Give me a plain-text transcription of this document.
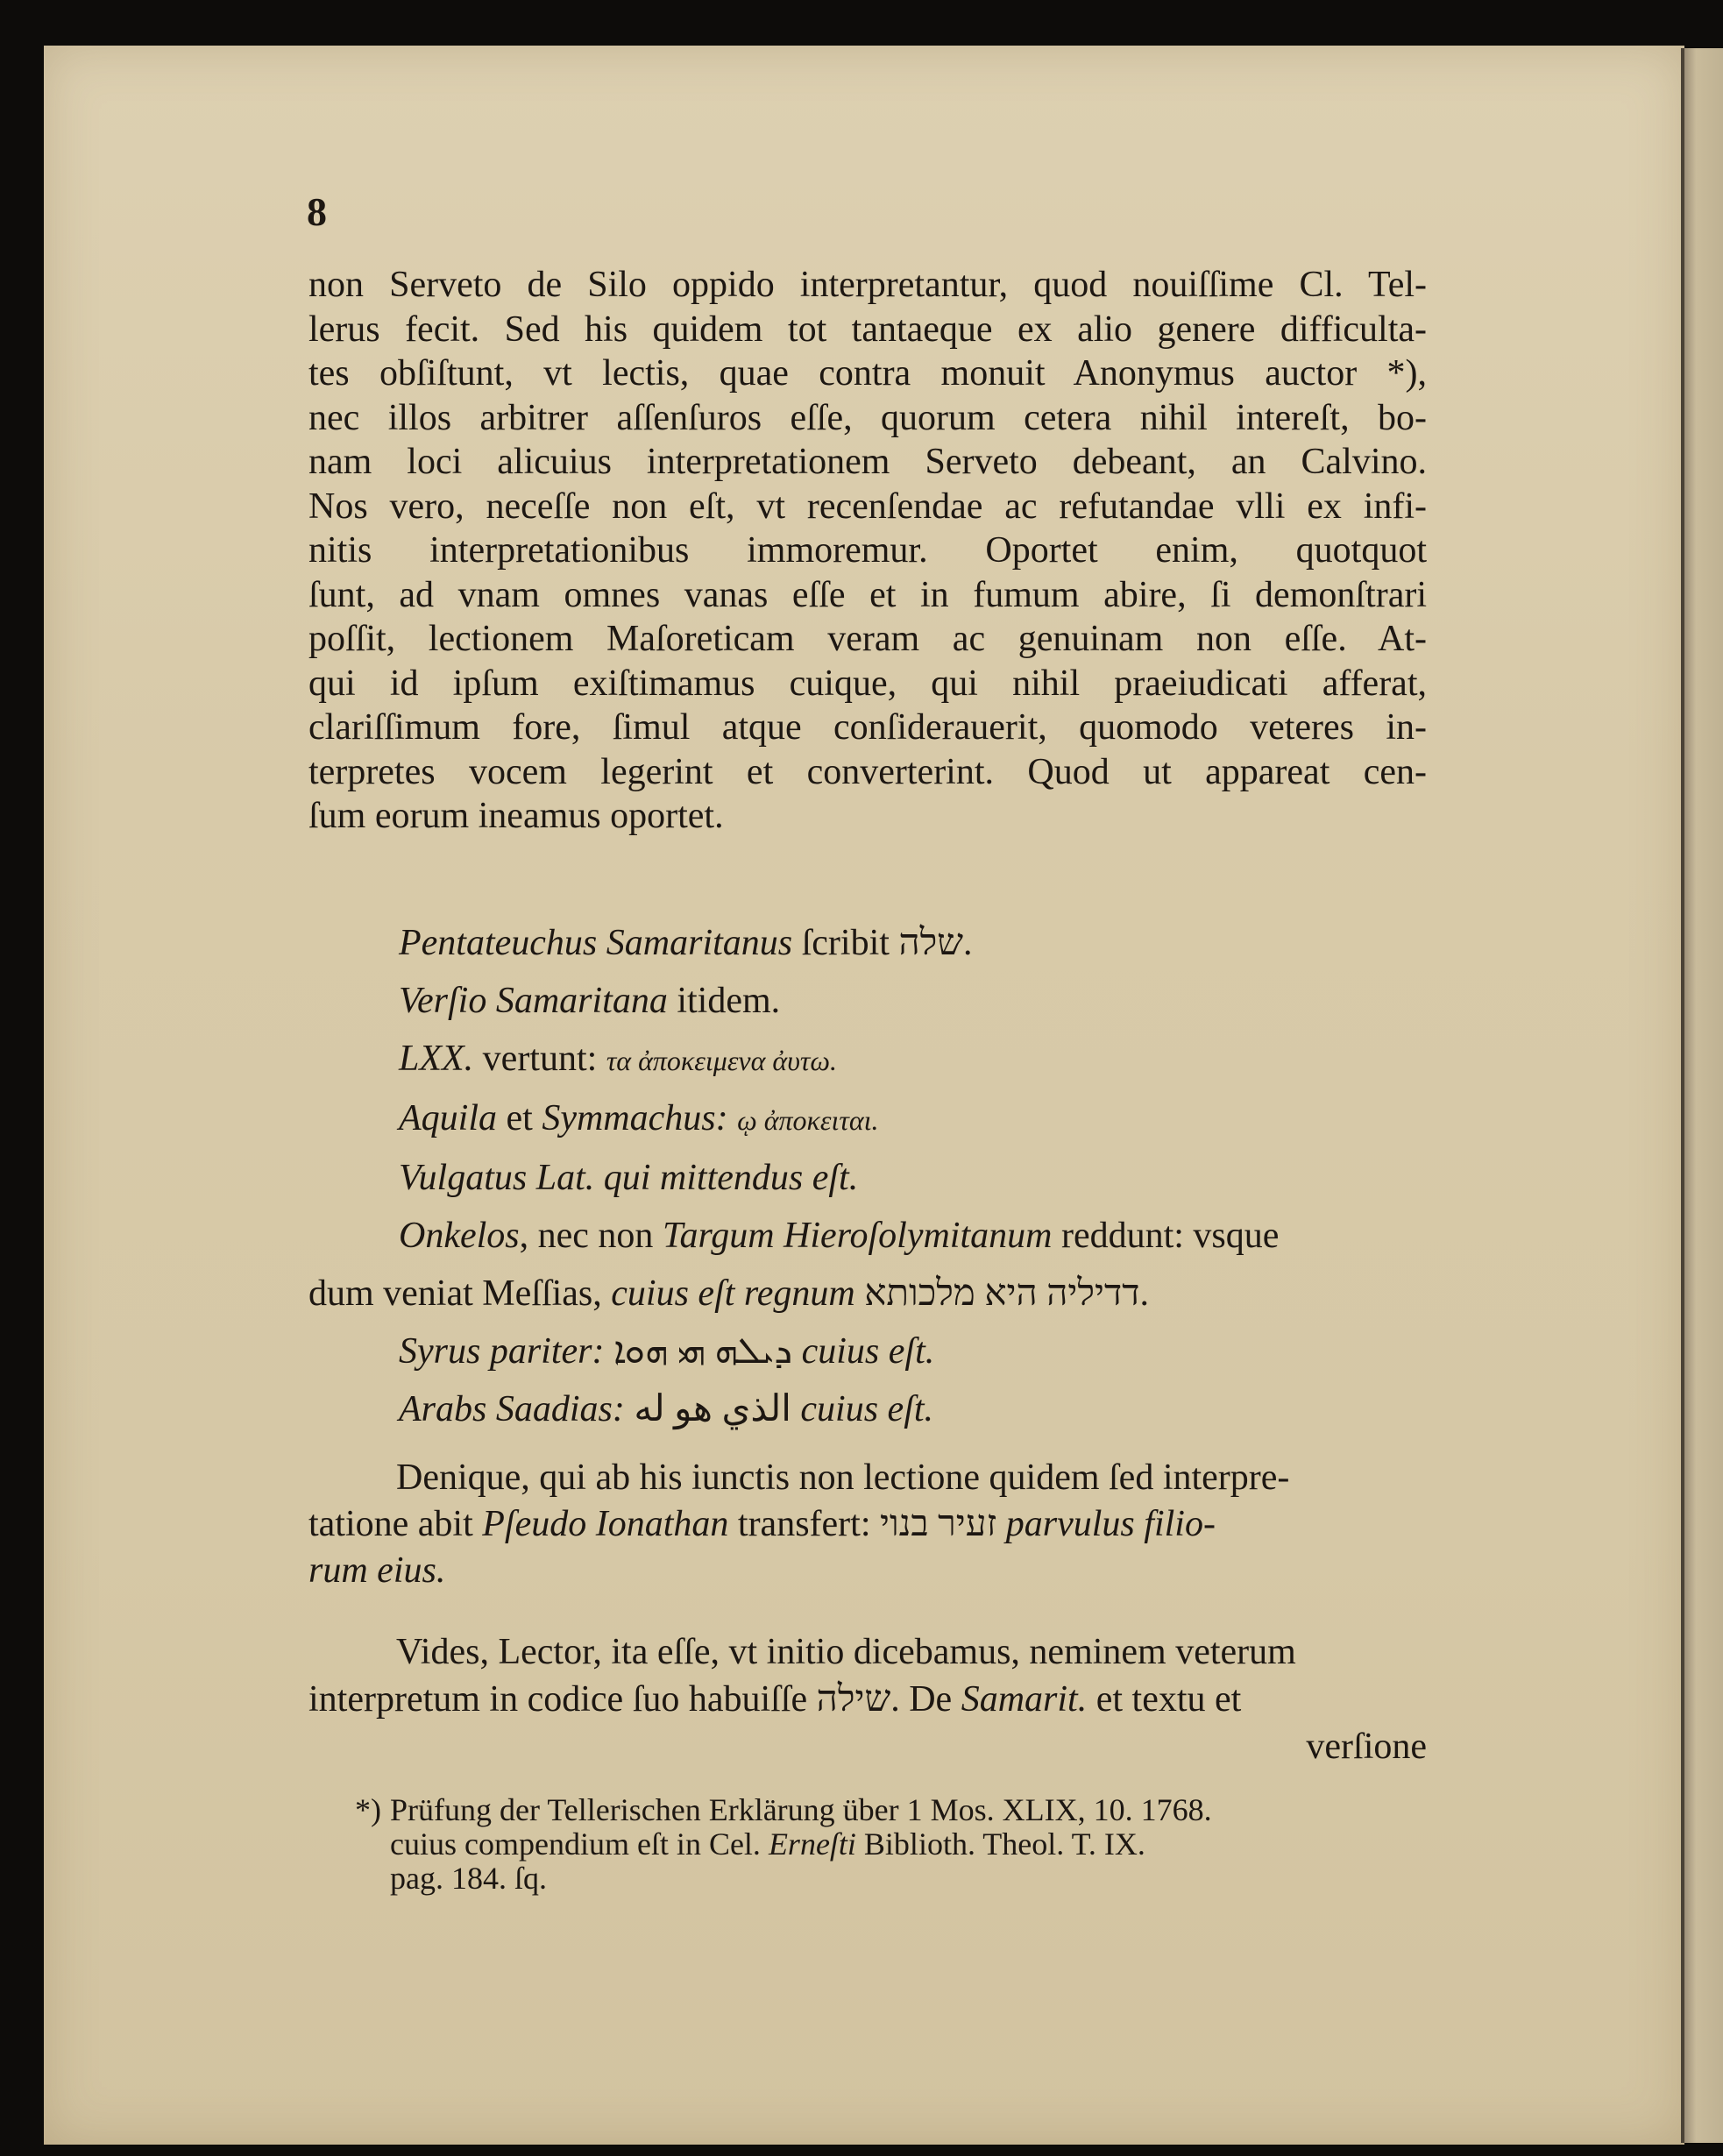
8
non Serveto de Silo oppido interpretantur, quod nouiſſime Cl. Tel-
lerus fecit. Sed his quidem tot tantaeque ex alio genere difficulta-
tes obſiſtunt, vt lectis, quae contra monuit Anonymus auctor *),
nec illos arbitrer aſſenſuros eſſe, quorum cetera nihil intereſt, bo-
nam loci alicuius interpretationem Serveto debeant, an Calvino.
Nos vero, neceſſe non eſt, vt recenſendae ac refutandae vlli ex infi-
nitis interpretationibus immoremur. Oportet enim, quotquot
ſunt, ad vnam omnes vanas eſſe et in fumum abire, ſi demonſtrari
poſſit, lectionem Maſoreticam veram ac genuinam non eſſe. At-
qui id ipſum exiſtimamus cuique, qui nihil praeiudicati afferat,
clariſſimum fore, ſimul atque conſiderauerit, quomodo veteres in-
terpretes vocem legerint et converterint. Quod ut appareat cen-
ſum eorum ineamus oportet.
Pentateuchus Samaritanus ſcribit שלה.
Verſio Samaritana itidem.
LXX. vertunt: τα ἀποκειμενα ἀυτω.
Aquila et Symmachus: ῳ ἀποκειται.
Vulgatus Lat. qui mittendus eſt.
Onkelos, nec non Targum Hieroſolymitanum reddunt: vsque
dum veniat Meſſias, cuius eſt regnum דדיליה היא מלכותא.
Syrus pariter: ܕܝܠܗ ܗܝ ܗܘܐ cuius eſt.
Arabs Saadias: الذي هو له cuius eſt.
Denique, qui ab his iunctis non lectione quidem ſed interpre-
tatione abit Pſeudo Ionathan transfert: זעיר בנוי parvulus filio-
rum eius.
Vides, Lector, ita eſſe, vt initio dicebamus, neminem veterum
interpretum in codice ſuo habuiſſe שילה. De Samarit. et textu et
verſione
*) Prüfung der Tellerischen Erklärung über 1 Mos. XLIX, 10. 1768.
cuius compendium eſt in Cel. Erneſti Biblioth. Theol. T. IX.
pag. 184. ſq.
